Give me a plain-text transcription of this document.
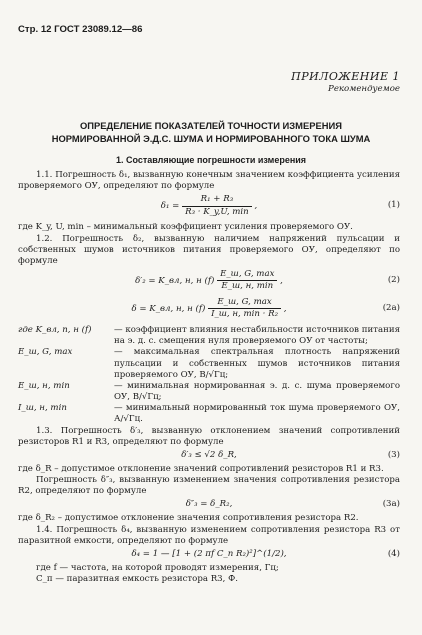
Стр. 12 ГОСТ 23089.12—86
ПРИЛОЖЕНИЕ 1
Рекомендуемое
ОПРЕДЕЛЕНИЕ ПОКАЗАТЕЛЕЙ ТОЧНОСТИ ИЗМЕРЕНИЯ
НОРМИРОВАННОЙ Э.Д.С. ШУМА И НОРМИРОВАННОГО ТОКА ШУМА
1. Составляющие погрешности измерения

1.1. Погрешность δ₁, вызванную конечным значением коэффициента усиления проверяемого ОУ, определяют по формуле

$\delta_1 = \frac{\text{R₁ + R₃}}{\text{R₃ · K\_y,U, min}}$ ,	(1)

где K_y, U, min – минимальный коэффициент усиления проверяемого ОУ.

1.2. Погрешность δ₂, вызванную наличием напряжений пульсации и собственных шумов источников питания проверяемого ОУ, определяют по формуле

δ′₂ = K_вл, н, н $(f) \frac{E\_ш, G, \max}{E\_ш, н, \min}$ ,	(2)
δ = K_вл, н, н $(f) \frac{E\_ш, G, \max}{\text{I\_ш, н, min · R₂}}$ ,	(2а)
где K_вл, п, н (f)	— коэффициент влияния нестабильности источников питания на э. д. с. смещения нуля проверяемого ОУ от частоты;
E_ш, G, max	— максимальная спектральная плотность напряжений пульсации и собственных шумов источников питания проверяемого ОУ, В/√Гц;
E_ш, н, min	— минимальная нормированная э. д. с. шума проверяемого ОУ, В/√Гц;
I_ш, н, min	— минимальный нормированный ток шума проверяемого ОУ, А/√Гц.

1.3. Погрешность δ′₃, вызванную отклонением значений сопротивлений резисторов R1 и R3, определяют по формуле

δ′₃ ≤ √2 δ_R,	(3)

где δ_R – допустимое отклонение значений сопротивлений резисторов R1 и R3.

Погрешность δ″₃, вызванную изменением значения сопротивления резистора R2, определяют по формуле

δ″₃ = δ_R₂,	(3а)

где δ_R₂ – допустимое отклонение значения сопротивления резистора R2.

1.4. Погрешность δ₄, вызванную изменением сопротивления резистора R3 от паразитной емкости, определяют по формуле

δ₄ = 1 — [1 + (2 πf C_п R₂)²]^(1/2),	(4)

где f — частота, на которой проводят измерения, Гц;

C_п — паразитная емкость резистора R3, Ф.
